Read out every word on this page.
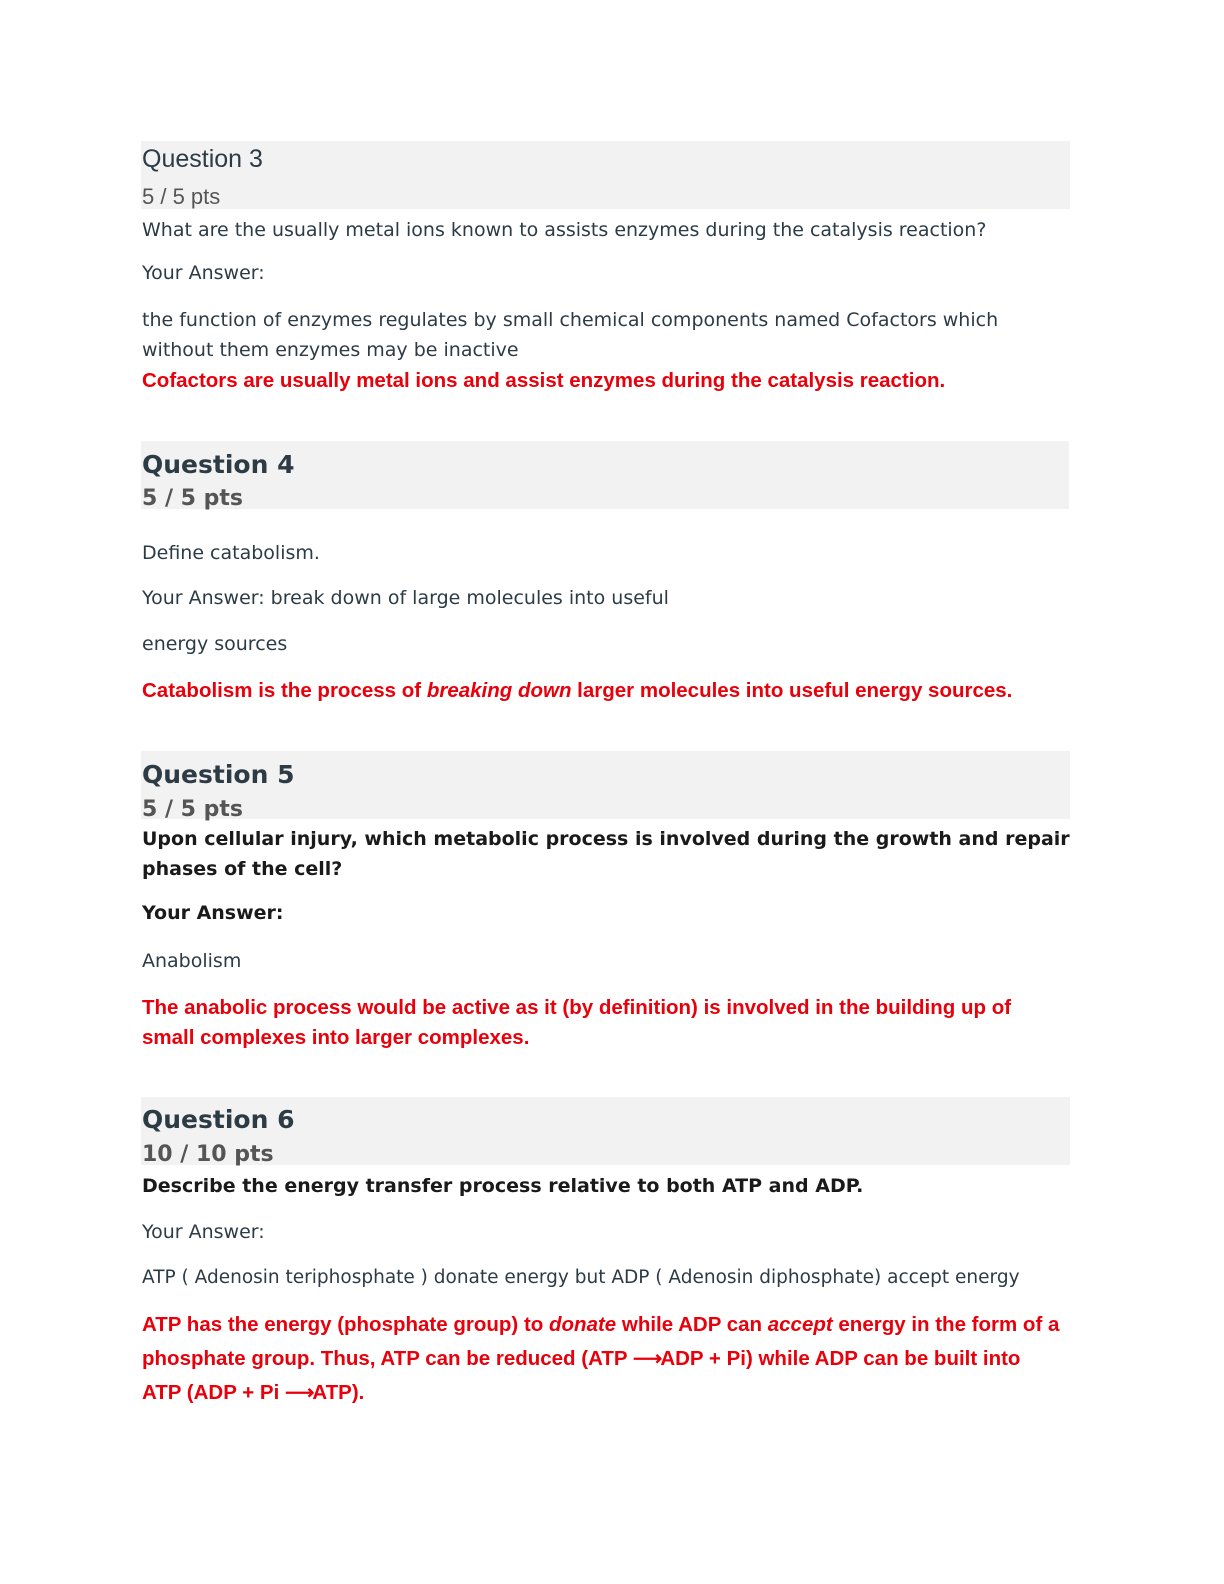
Question 3
5 / 5 pts

What are the usually metal ions known to assists enzymes during the catalysis reaction?

Your Answer:

the function of enzymes regulates by small chemical components named Cofactors which without them enzymes may be inactive

Cofactors are usually metal ions and assist enzymes during the catalysis reaction.

Question 4
5 / 5 pts

Define catabolism.

Your Answer: break down of large molecules into useful

energy sources

Catabolism is the process of breaking down larger molecules into useful energy sources.

Question 5
5 / 5 pts

Upon cellular injury, which metabolic process is involved during the growth and repair phases of the cell?

Your Answer:

Anabolism

The anabolic process would be active as it (by definition) is involved in the building up of small complexes into larger complexes.

Question 6
10 / 10 pts

Describe the energy transfer process relative to both ATP and ADP.

Your Answer:

ATP ( Adenosin teriphosphate ) donate energy but ADP ( Adenosin diphosphate) accept energy

ATP has the energy (phosphate group) to donate while ADP can accept energy in the form of a phosphate group. Thus, ATP can be reduced (ATP ⟶ADP + Pi) while ADP can be built into ATP (ADP + Pi ⟶ATP).
